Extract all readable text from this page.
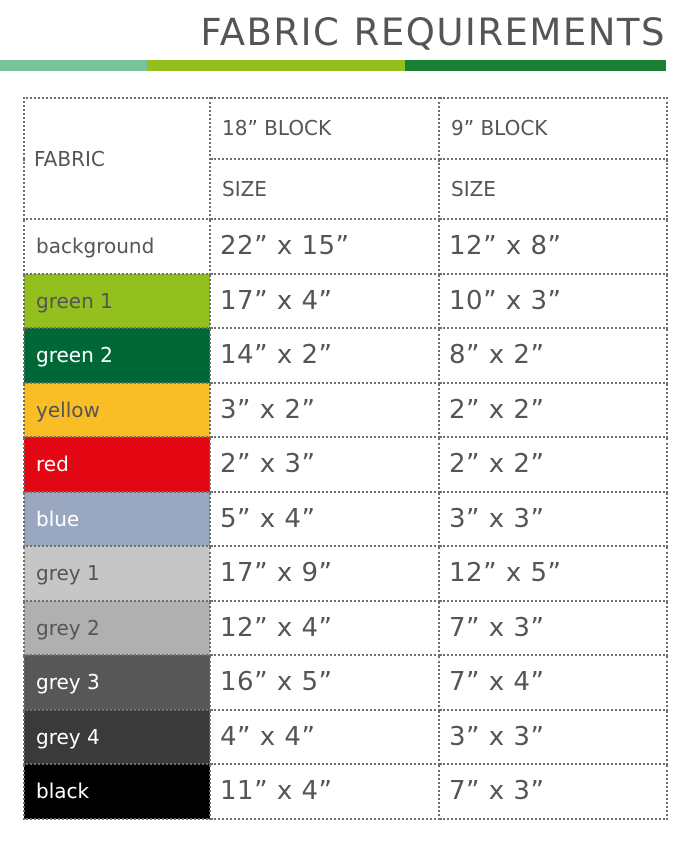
FABRIC REQUIREMENTS
FABRIC	18” BLOCK	9” BLOCK
	SIZE	SIZE
background	22” x 15”	12” x 8”
green 1	17” x 4”	10” x 3”
green 2	14” x 2”	8” x 2”
yellow	3” x 2”	2” x 2”
red	2” x 3”	2” x 2”
blue	5” x 4”	3” x 3”
grey 1	17” x 9”	12” x 5”
grey 2	12” x 4”	7” x 3”
grey 3	16” x 5”	7” x 4”
grey 4	4” x 4”	3” x 3”
black	11” x 4”	7” x 3”
